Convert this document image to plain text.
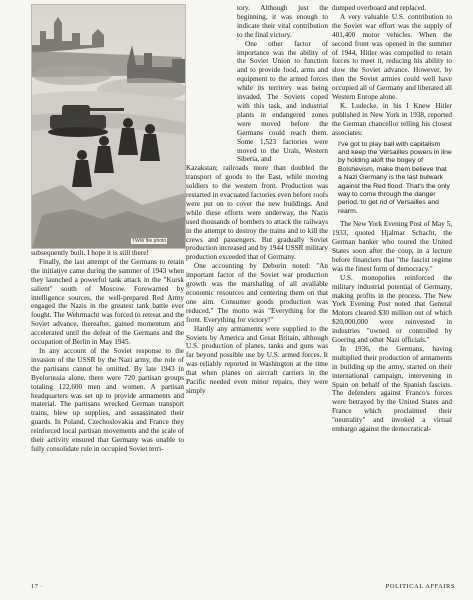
TWW file photo

subsequently built. I hope it is still there!

Finally, the last attempt of the Germans to retain the initiative came during the summer of 1943 when they launched a powerful tank attack in the "Kursk salient" south of Moscow. Forewarned by intelligence sources, the well-prepared Red Army engaged the Nazis in the greatest tank battle ever fought. The Wehrmacht was forced to retreat and the Soviet advance, thereafter, gained momentum and accelerated until the defeat of the Germans and the occupation of Berlin in May 1945.

In any account of the Soviet response to the invasion of the USSR by the Nazi army, the role of the partisans cannot be omitted. By late 1943 in Byelorussia alone, there were 720 partisan groups totaling 122,600 men and women. A partisan headquarters was set up to provide armaments and material. The partisans wrecked German transport trains, blew up supplies, and assassinated their guards. In Poland, Czechoslovakia and France they reinforced local partisan movements and the scale of their activity ensured that Germany was unable to fully consolidate rule in occupied Soviet terri-

tory. Although just the beginning, it was enough to indicate their vital contribution to the final victory.

One other factor of importance was the ability of the Soviet Union to function and to provide food, arms and equipment to the armed forces while its territory was being invaded. The Soviets coped with this task, and industrial plants in endangered zones were moved before the Germans could reach them. Some 1,523 factories were moved to the Urals, Western Siberia, and

Kazakstan; railroads more than doubled the transport of goods to the East, while moving soldiers to the western front. Production was restarted in evacuated factories even before roofs were put on to cover the new buildings. And while these efforts were underway, the Nazis used thousands of bombers to attack the railways in the attempt to destroy the trains and to kill the crews and passengers. But gradually Soviet production increased and by 1944 USSR military production exceeded that of Germany.

One accounting by Deborin noted: "An important factor of the Soviet war production growth was the marshaling of all available economic resources and centering them on that one aim. Consumer goods production was reduced." The motto was "Everything for the front. Everything for victory!"

Hardly any armaments were supplied to the Soviets by America and Great Britain, although U.S. production of planes, tanks and guns was far beyond possible use by U.S. armed forces. It was reliably reported in Washington at the time that when planes on aircraft carriers in the Pacific needed even minor repairs, they were simply

dumped overboard and replaced.

A very valuable U.S. contribution to the Soviet war effort was the supply of 401,400 motor vehicles. When the second front was opened in the summer of 1944, Hitler was compelled to retain forces to meet it, reducing his ability to slow the Soviet advance. However, by then the Soviet armies could well have occupied all of Germany and liberated all Western Europe alone.

K. Ludecke, in his I Knew Hitler published in New York in 1938, reported the German chancellor telling his closest associates:

I've got to play ball with capitalism and keep the Versailles powers in line by holding aloft the bogey of Bolshevism, make them believe that a Nazi Germany is the last bulwark against the Red flood. That's the only way to come through the danger period, to get rid of Versailles and rearm.

The New York Evening Post of May 5, 1933, quoted Hjalmar Schacht, the German banker who toured the United States soon after the coup, in a lecture before financiers that "the fascist regime was the finest form of democracy."

U.S. monopolies reinforced the military industrial potential of Germany, making profits in the process. The New York Evening Post noted that General Motors cleared $30 million out of which $20,000,000 were reinvested in industries "owned or controlled by Goering and other Nazi officials."

In 1936, the Germans, having multiplied their production of armaments in building up the army, started on their international campaign, intervening in Spain on behalf of the Spanish fascists. The defenders against Franco's forces were betrayed by the United States and France which proclaimed their "neutrality" and invoked a virtual embargo against the democratical-

17 ·	POLITICAL AFFAIRS
